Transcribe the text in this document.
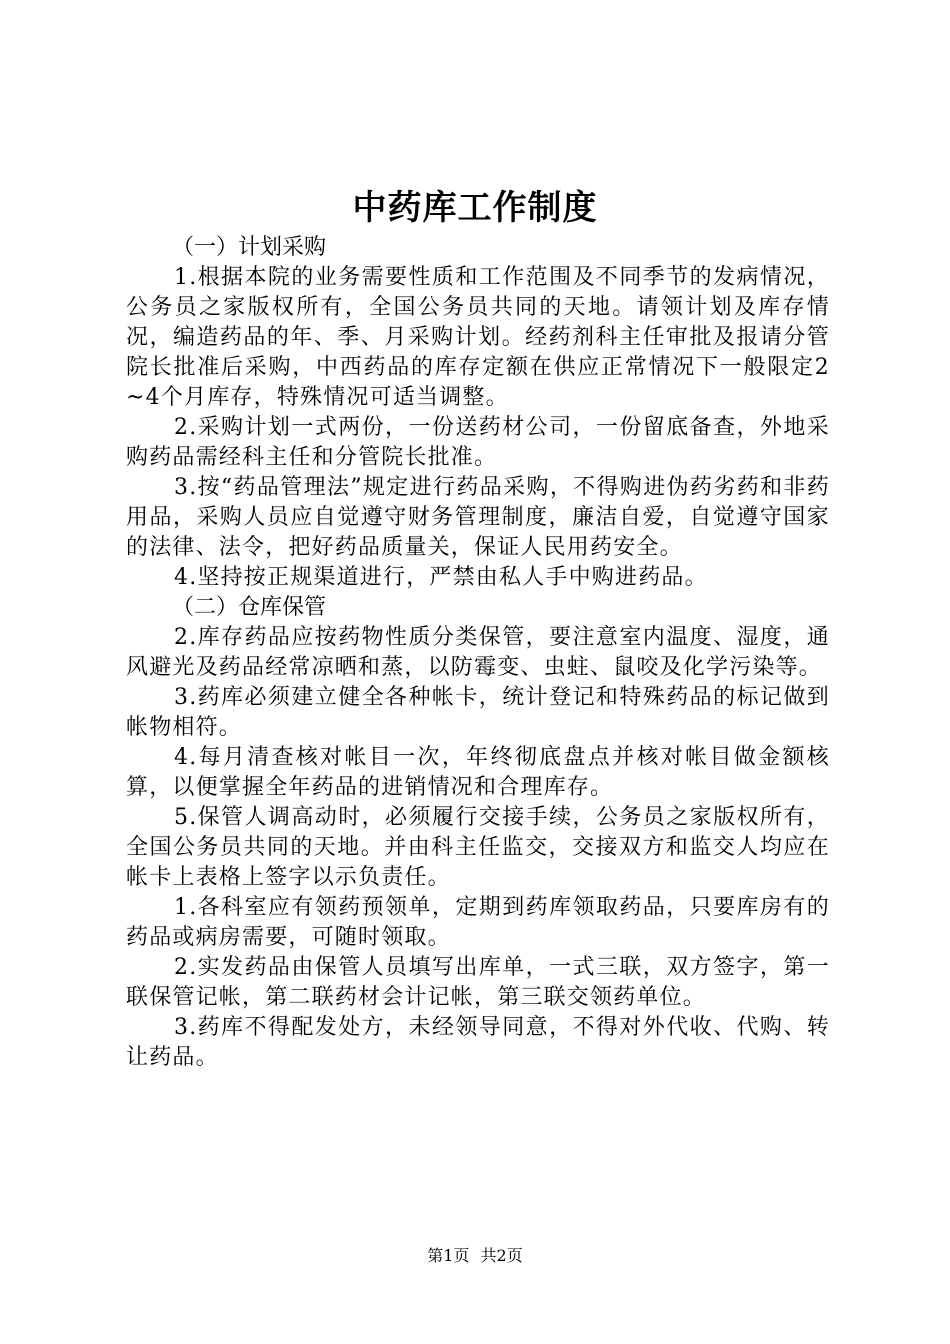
中药库工作制度

（一）计划采购

1.根据本院的业务需要性质和工作范围及不同季节的发病情况，公务员之家版权所有，全国公务员共同的天地。请领计划及库存情况，编造药品的年、季、月采购计划。经药剂科主任审批及报请分管院长批准后采购，中西药品的库存定额在供应正常情况下一般限定2~4个月库存，特殊情况可适当调整。

2.采购计划一式两份，一份送药材公司，一份留底备查，外地采购药品需经科主任和分管院长批准。

3.按“药品管理法”规定进行药品采购，不得购进伪药劣药和非药用品，采购人员应自觉遵守财务管理制度，廉洁自爱，自觉遵守国家的法律、法令，把好药品质量关，保证人民用药安全。

4.坚持按正规渠道进行，严禁由私人手中购进药品。

（二）仓库保管

2.库存药品应按药物性质分类保管，要注意室内温度、湿度，通风避光及药品经常凉晒和蒸，以防霉变、虫蛀、鼠咬及化学污染等。

3.药库必须建立健全各种帐卡，统计登记和特殊药品的标记做到帐物相符。

4.每月清查核对帐目一次，年终彻底盘点并核对帐目做金额核算，以便掌握全年药品的进销情况和合理库存。

5.保管人调高动时，必须履行交接手续，公务员之家版权所有，全国公务员共同的天地。并由科主任监交，交接双方和监交人均应在帐卡上表格上签字以示负责任。

1.各科室应有领药预领单，定期到药库领取药品，只要库房有的药品或病房需要，可随时领取。

2.实发药品由保管人员填写出库单，一式三联，双方签字，第一联保管记帐，第二联药材会计记帐，第三联交领药单位。

3.药库不得配发处方，未经领导同意，不得对外代收、代购、转让药品。

第1页 共2页
